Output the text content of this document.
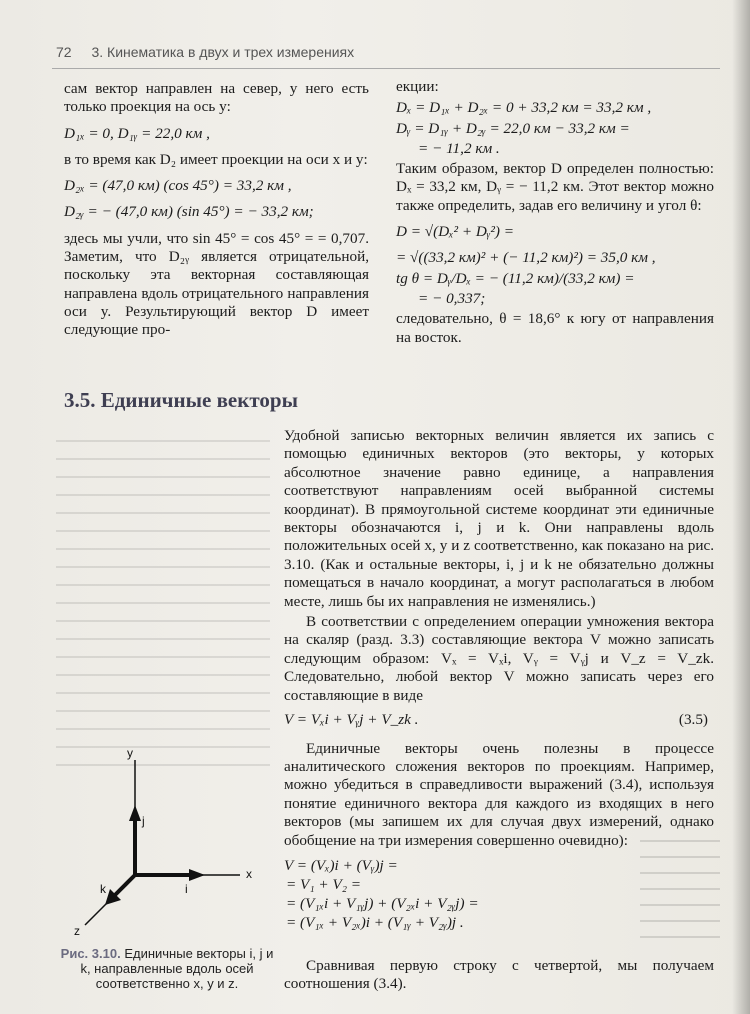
72 3. Кинематика в двух и трех измерениях

сам вектор направлен на север, у него есть только проекция на ось y:

D₁ₓ = 0, D₁ᵧ = 22,0 км ,

в то время как D₂ имеет проекции на оси x и y:

D₂ₓ = (47,0 км) (cos 45°) = 33,2 км ,
D₂ᵧ = − (47,0 км) (sin 45°) = − 33,2 км;

здесь мы учли, что sin 45° = cos 45° = = 0,707. Заметим, что D₂ᵧ является отрицательной, поскольку эта векторная составляющая направлена вдоль отрицательного направления оси y. Результирующий вектор D имеет следующие про-

екции:

Dₓ = D₁ₓ + D₂ₓ = 0 + 33,2 км = 33,2 км ,
Dᵧ = D₁ᵧ + D₂ᵧ = 22,0 км − 33,2 км =
= − 11,2 км .

Таким образом, вектор D определен полностью: Dₓ = 33,2 км, Dᵧ = − 11,2 км. Этот вектор можно также определить, задав его величину и угол θ:

D = √(Dₓ² + Dᵧ²) =
= √((33,2 км)² + (− 11,2 км)²) = 35,0 км ,
tg θ = Dᵧ/Dₓ = − (11,2 км)/(33,2 км) =
= − 0,337;

следовательно, θ = 18,6° к югу от направления на восток.

3.5. Единичные векторы

Удобной записью векторных величин является их запись с помощью единичных векторов (это векторы, у которых абсолютное значение равно единице, а направления соответствуют направлениям осей выбранной системы координат). В прямоугольной системе координат эти единичные векторы обозначаются i, j и k. Они направлены вдоль положительных осей x, y и z соответственно, как показано на рис. 3.10. (Как и остальные векторы, i, j и k не обязательно должны помещаться в начало координат, а могут располагаться в любом месте, лишь бы их направления не изменялись.)

В соответствии с определением операции умножения вектора на скаляр (разд. 3.3) составляющие вектора V можно записать следующим образом: Vₓ = Vₓi, Vᵧ = Vᵧj и V_z = V_zk. Следовательно, любой вектор V можно записать через его составляющие в виде

V = Vₓi + Vᵧj + V_zk .	(3.5)

Единичные векторы очень полезны в процессе аналитического сложения векторов по проекциям. Например, можно убедиться в справедливости выражений (3.4), используя понятие единичного вектора для каждого из входящих в него векторов (мы запишем их для случая двух измерений, однако обобщение на три измерения совершенно очевидно):

V = (Vₓ)i + (Vᵧ)j =
= V₁ + V₂ =
= (V₁ₓi + V₁ᵧj) + (V₂ₓi + V₂ᵧj) =
= (V₁ₓ + V₂ₓ)i + (V₁ᵧ + V₂ᵧ)j .
y
x
z
j
i
k
Рис. 3.10. Единичные векторы i, j и k, направленные вдоль осей соответственно x, y и z.
Сравнивая первую строку с четвертой, мы получаем соотношения (3.4).
